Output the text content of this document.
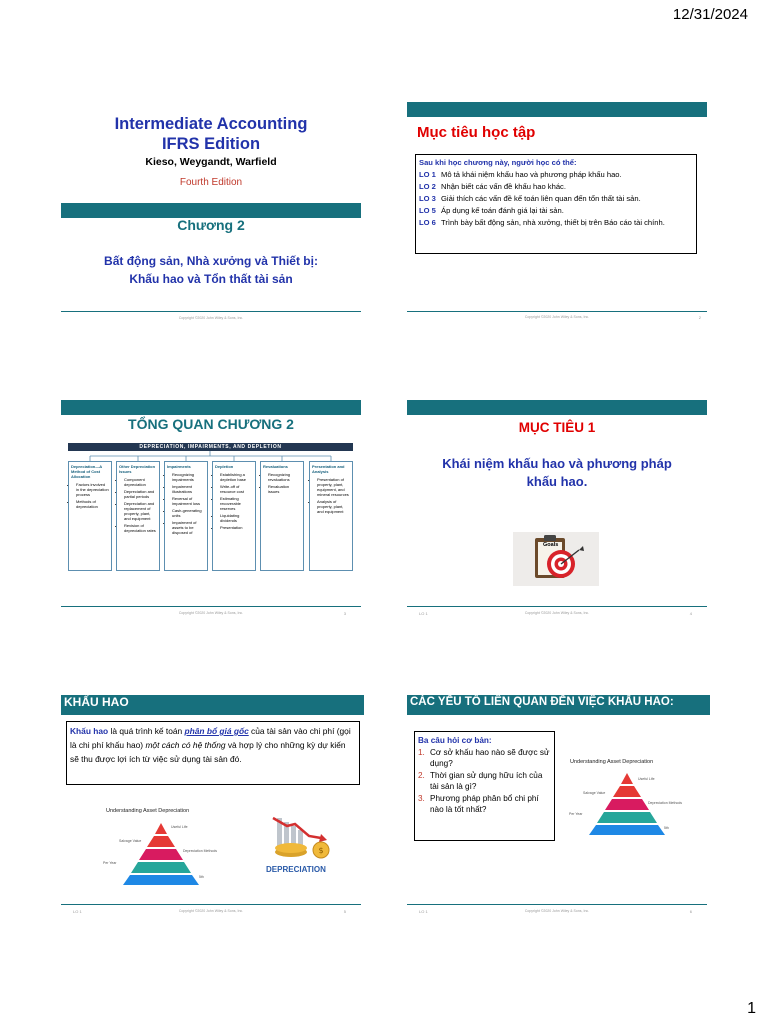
12/31/2024
Intermediate Accounting
IFRS Edition
Kieso, Weygandt, Warfield
Fourth Edition
Chương 2
Bất động sản, Nhà xưởng và Thiết bị:
Khấu hao và Tổn thất tài sản
Copyright ©2020 John Wiley & Sons, Inc.
Mục tiêu học tập
Sau khi học chương này, người học có thể:
LO 1 Mô tả khái niệm khấu hao và phương pháp khấu hao.
LO 2 Nhận biết các vấn đề khấu hao khác.
LO 3 Giải thích các vấn đề kế toán liên quan đến tổn thất tài sản.
LO 5 Áp dụng kế toán đánh giá lại tài sản.
LO 6 Trình bày bất động sản, nhà xưởng, thiết bị trên Báo cáo tài chính.
Copyright ©2020 John Wiley & Sons, Inc.	2
TỔNG QUAN CHƯƠNG 2
DEPRECIATION, IMPAIRMENTS, AND DEPLETION
Depreciation—A Method of Cost Allocation
• Factors involved in the depreciation process
• Methods of depreciation
Other Depreciation Issues
• Component depreciation
• Depreciation and partial periods
• Depreciation and replacement of property, plant, and equipment
• Revision of depreciation rates
Impairments
• Recognizing impairments
• Impairment illustrations
• Reversal of impairment loss
• Cash-generating units
• Impairment of assets to be disposed of
Depletion
• Establishing a depletion base
• Write-off of resource cost
• Estimating recoverable reserves
• Liquidating dividends
• Presentation
Revaluations
• Recognizing revaluations
• Revaluation issues
Presentation and Analysis
• Presentation of property, plant, equipment, and mineral resources
• Analysis of property, plant, and equipment
Copyright ©2020 John Wiley & Sons, Inc.	3
MỤC TIÊU 1
Khái niệm khấu hao và phương pháp
khấu hao.
Goals
LO 1	Copyright ©2020 John Wiley & Sons, Inc.	4
KHẤU HAO
Khấu hao là quá trình kế toán phân bổ giá gốc của tài sản vào chi phí (gọi là chi phí khấu hao) một cách có hệ thống và hợp lý cho những kỳ dự kiến sẽ thu được lợi ích từ việc sử dụng tài sản đó.
Understanding Asset Depreciation
Salvage Value
Per Year
Useful Life
Depreciation Methods
5th
$
DEPRECIATION
LO 1	Copyright ©2020 John Wiley & Sons, Inc.	5
CÁC YẾU TỐ LIÊN QUAN ĐẾN VIỆC KHẤU HAO:
Ba câu hỏi cơ bản:
1. Cơ sở khấu hao nào sẽ được sử dụng?
2. Thời gian sử dụng hữu ích của tài sản là gì?
3. Phương pháp phân bổ chi phí nào là tốt nhất?
Understanding Asset Depreciation
Salvage Value
Per Year
Useful Life
Depreciation Methods
5th
LO 1	Copyright ©2020 John Wiley & Sons, Inc.	6
1
